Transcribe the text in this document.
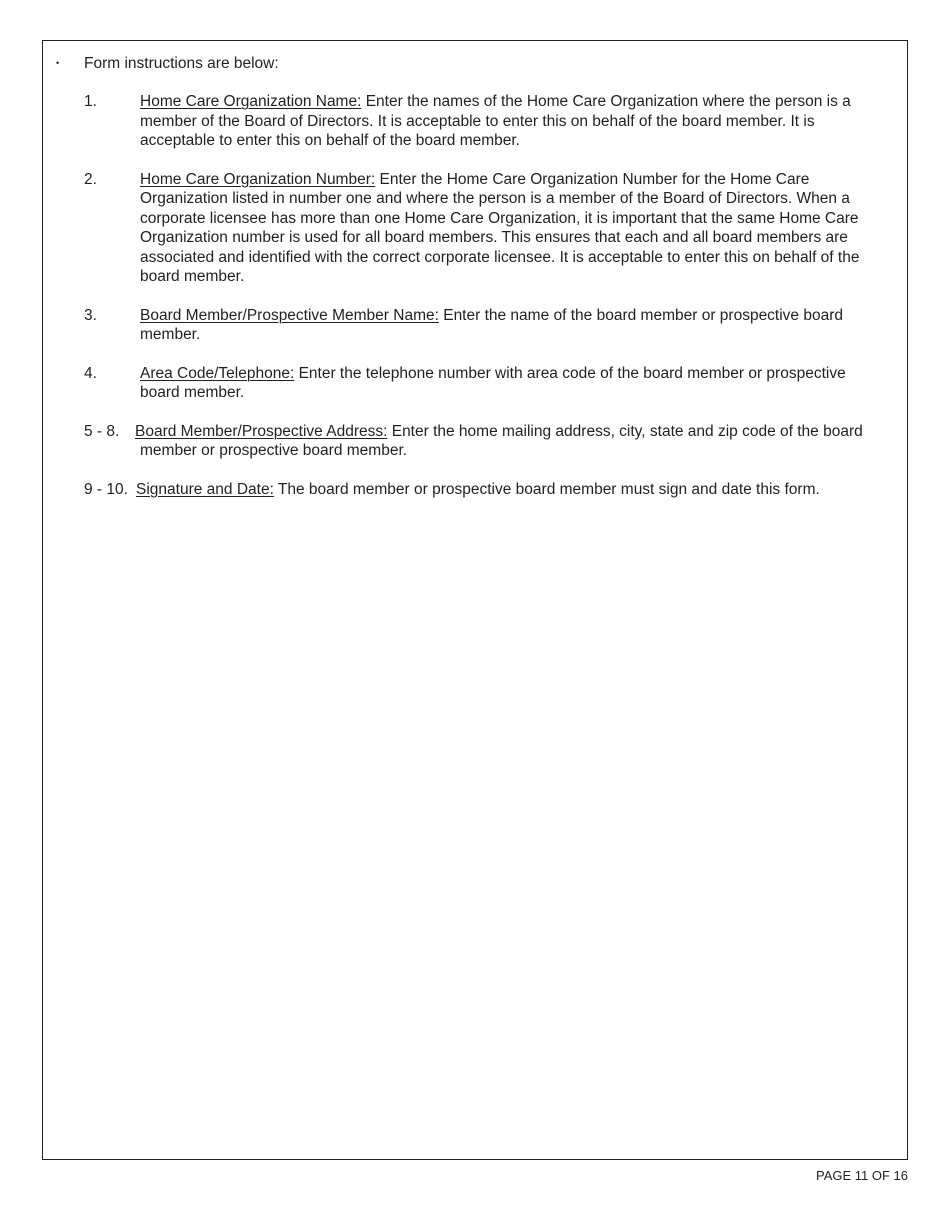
• Form instructions are below:
1.	Home Care Organization Name: Enter the names of the Home Care Organization where the person is a member of the Board of Directors. It is acceptable to enter this on behalf of the board member. It is acceptable to enter this on behalf of the board member.
2.	Home Care Organization Number: Enter the Home Care Organization Number for the Home Care Organization listed in number one and where the person is a member of the Board of Directors. When a corporate licensee has more than one Home Care Organization, it is important that the same Home Care Organization number is used for all board members. This ensures that each and all board members are associated and identified with the correct corporate licensee. It is acceptable to enter this on behalf of the board member.
3.	Board Member/Prospective Member Name: Enter the name of the board member or prospective board member.
4.	Area Code/Telephone: Enter the telephone number with area code of the board member or prospective board member.
5 - 8. Board Member/Prospective Address: Enter the home mailing address, city, state and zip code of the board member or prospective board member.
9 - 10. Signature and Date: The board member or prospective board member must sign and date this form.
PAGE 11 OF 16
